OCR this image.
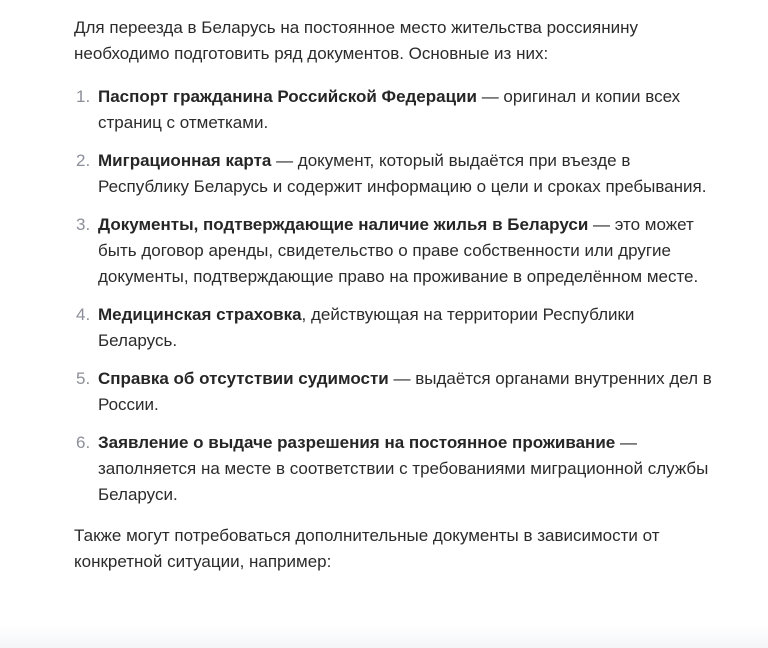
Для переезда в Беларусь на постоянное место жительства россиянину необходимо подготовить ряд документов. Основные из них:

1. Паспорт гражданина Российской Федерации — оригинал и копии всех страниц с отметками.
2. Миграционная карта — документ, который выдаётся при въезде в Республику Беларусь и содержит информацию о цели и сроках пребывания.
3. Документы, подтверждающие наличие жилья в Беларуси — это может быть договор аренды, свидетельство о праве собственности или другие документы, подтверждающие право на проживание в определённом месте.
4. Медицинская страховка, действующая на территории Республики Беларусь.
5. Справка об отсутствии судимости — выдаётся органами внутренних дел в России.
6. Заявление о выдаче разрешения на постоянное проживание — заполняется на месте в соответствии с требованиями миграционной службы Беларуси.

Также могут потребоваться дополнительные документы в зависимости от конкретной ситуации, например:
